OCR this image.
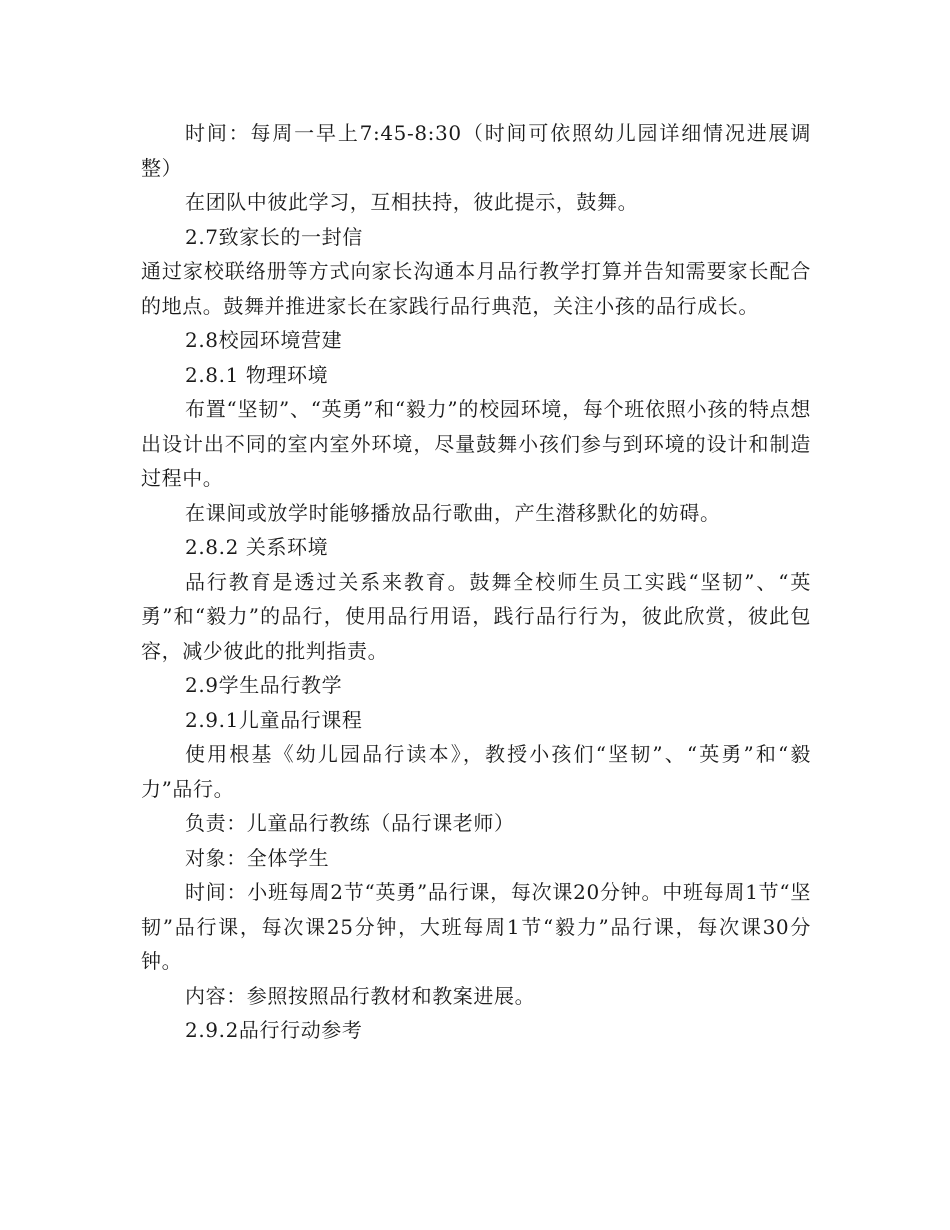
时间：每周一早上7:45-8:30（时间可依照幼儿园详细情况进展调整）

在团队中彼此学习，互相扶持，彼此提示，鼓舞。

2.7致家长的一封信

通过家校联络册等方式向家长沟通本月品行教学打算并告知需要家长配合的地点。鼓舞并推进家长在家践行品行典范，关注小孩的品行成长。

2.8校园环境营建

2.8.1 物理环境

布置“坚韧”、“英勇”和“毅力”的校园环境，每个班依照小孩的特点想出设计出不同的室内室外环境，尽量鼓舞小孩们参与到环境的设计和制造过程中。

在课间或放学时能够播放品行歌曲，产生潜移默化的妨碍。

2.8.2 关系环境

品行教育是透过关系来教育。鼓舞全校师生员工实践“坚韧”、“英勇”和“毅力”的品行，使用品行用语，践行品行行为，彼此欣赏，彼此包容，减少彼此的批判指责。

2.9学生品行教学

2.9.1儿童品行课程

使用根基《幼儿园品行读本》，教授小孩们“坚韧”、“英勇”和“毅力”品行。

负责：儿童品行教练（品行课老师）

对象：全体学生

时间：小班每周2节“英勇”品行课，每次课20分钟。中班每周1节“坚韧”品行课，每次课25分钟，大班每周1节“毅力”品行课，每次课30分钟。

内容：参照按照品行教材和教案进展。

2.9.2品行行动参考
